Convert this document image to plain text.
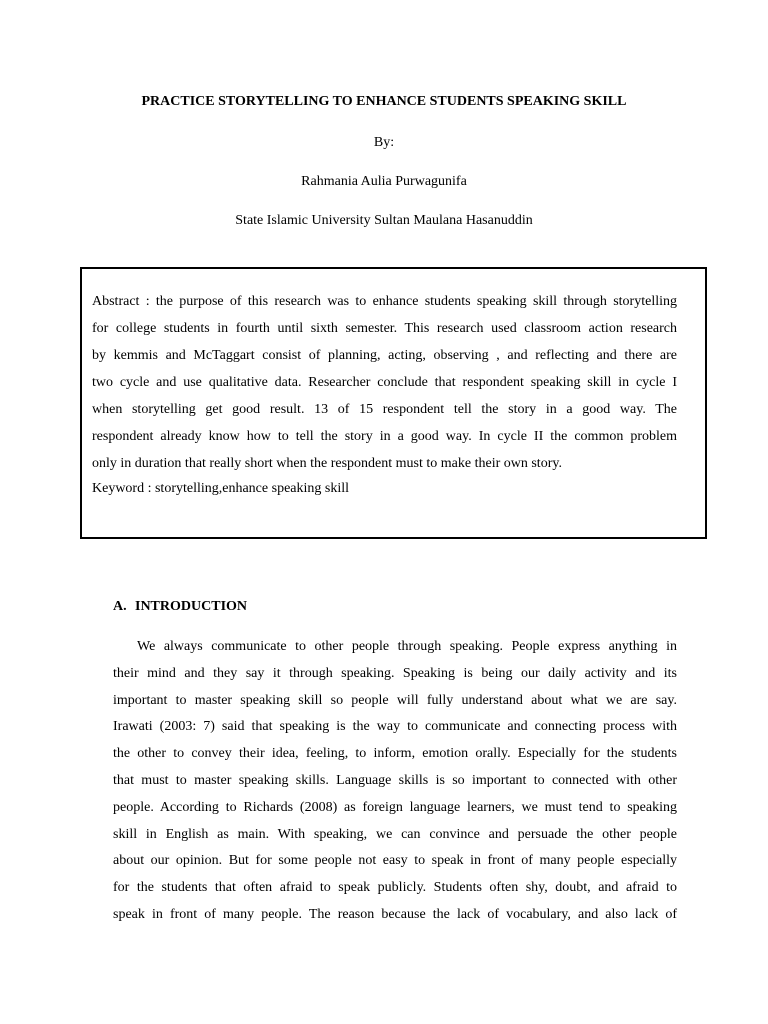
PRACTICE STORYTELLING TO ENHANCE STUDENTS SPEAKING SKILL
By:
Rahmania Aulia Purwagunifa
State Islamic University Sultan Maulana Hasanuddin
Abstract : the purpose of this research was to enhance students speaking skill through storytelling
for college students in fourth until sixth semester. This research used classroom action research
by kemmis and McTaggart consist of planning, acting, observing , and reflecting and there are
two cycle and use qualitative data. Researcher conclude that respondent speaking skill in cycle I
when storytelling get good result. 13 of 15 respondent tell the story in a good way. The
respondent already know how to tell the story in a good way. In cycle II the common problem
only in duration that really short when the respondent must to make their own story.
Keyword : storytelling,enhance speaking skill
A. INTRODUCTION
We always communicate to other people through speaking. People express anything in
their mind and they say it through speaking. Speaking is being our daily activity and its
important to master speaking skill so people will fully understand about what we are say.
Irawati (2003: 7) said that speaking is the way to communicate and connecting process with
the other to convey their idea, feeling, to inform, emotion orally. Especially for the students
that must to master speaking skills. Language skills is so important to connected with other
people. According to Richards (2008) as foreign language learners, we must tend to speaking
skill in English as main. With speaking, we can convince and persuade the other people
about our opinion. But for some people not easy to speak in front of many people especially
for the students that often afraid to speak publicly. Students often shy, doubt, and afraid to
speak in front of many people. The reason because the lack of vocabulary, and also lack of
